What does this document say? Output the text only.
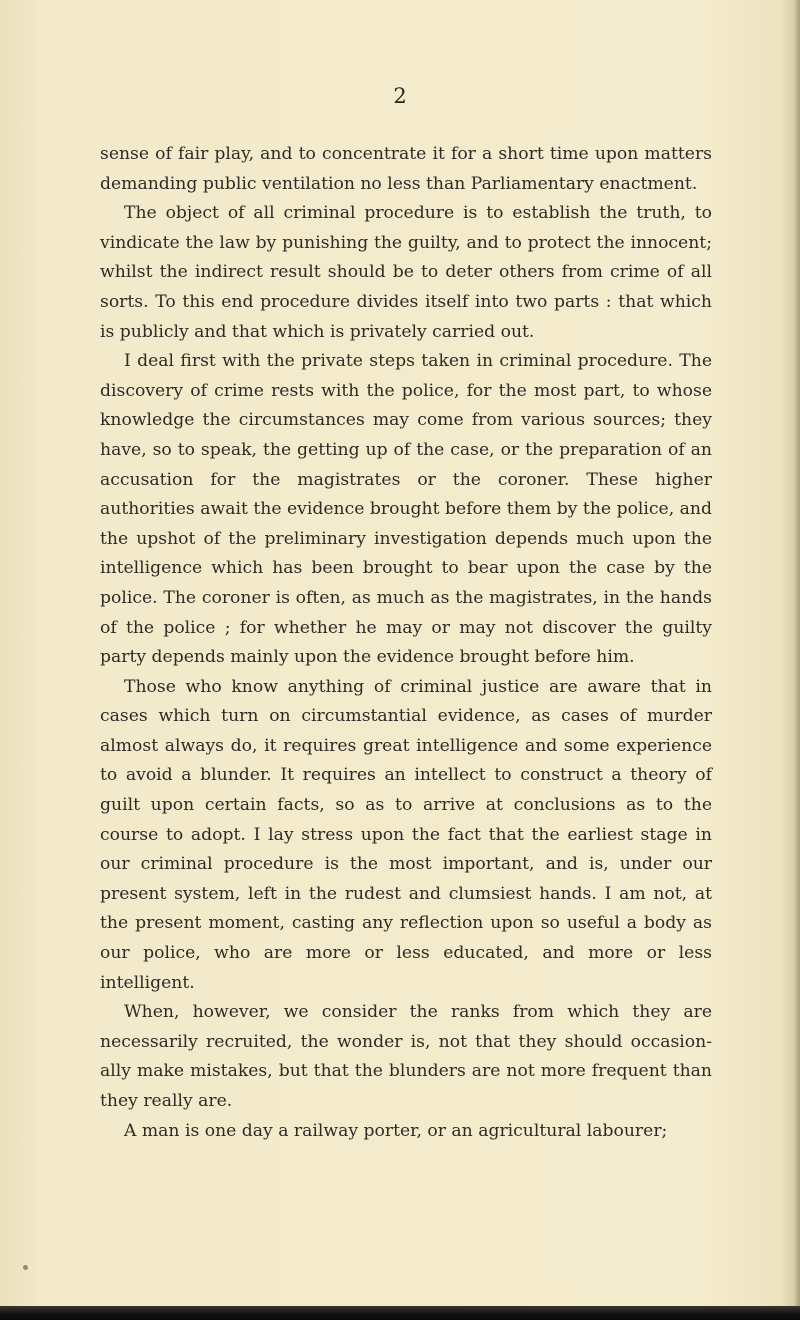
2

sense of fair play, and to concentrate it for a short time upon matters demanding public ventilation no less than Parliamentary enactment.

The object of all criminal procedure is to establish the truth, to vindicate the law by punishing the guilty, and to protect the innocent; whilst the indirect result should be to deter others from crime of all sorts. To this end procedure divides itself into two parts : that which is publicly and that which is privately carried out.

I deal first with the private steps taken in criminal procedure. The discovery of crime rests with the police, for the most part, to whose knowledge the circumstances may come from various sources; they have, so to speak, the getting up of the case, or the preparation of an accusation for the magistrates or the coroner. These higher authorities await the evidence brought before them by the police, and the upshot of the preliminary investigation depends much upon the intelligence which has been brought to bear upon the case by the police. The coroner is often, as much as the magistrates, in the hands of the police ; for whether he may or may not discover the guilty party depends mainly upon the evidence brought before him.

Those who know anything of criminal justice are aware that in cases which turn on circumstantial evidence, as cases of murder almost always do, it requires great intelligence and some experience to avoid a blunder. It requires an intellect to construct a theory of guilt upon certain facts, so as to arrive at conclusions as to the course to adopt. I lay stress upon the fact that the earliest stage in our criminal procedure is the most important, and is, under our present system, left in the rudest and clumsiest hands. I am not, at the present moment, casting any reflection upon so useful a body as our police, who are more or less educated, and more or less intelligent.

When, however, we consider the ranks from which they are necessarily recruited, the wonder is, not that they should occasionally make mistakes, but that the blunders are not more frequent than they really are.

A man is one day a railway porter, or an agricultural labourer;
